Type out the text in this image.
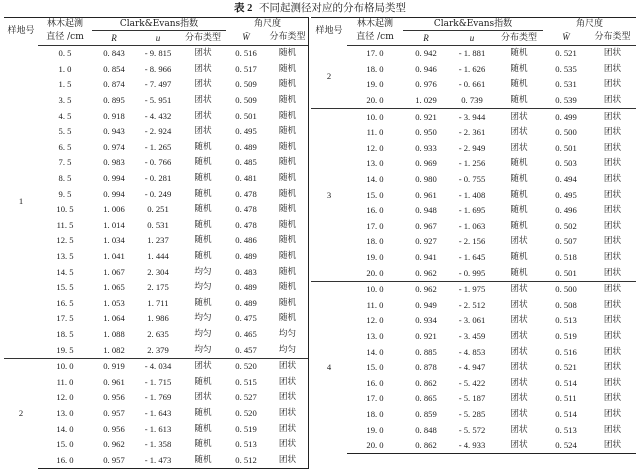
表 2 不同起测径对应的分布格局类型
样地号	林木起测	Clark&Evans指数			角尺度	
	直径 /cm	R	u	分布类型	W̄	分布类型
1	0. 5	0. 843	- 9. 815	团状	0. 516	随机
	1. 0	0. 854	- 8. 966	团状	0. 517	随机
	1. 5	0. 874	- 7. 497	团状	0. 509	随机
	3. 5	0. 895	- 5. 951	团状	0. 509	随机
	4. 5	0. 918	- 4. 432	团状	0. 501	随机
	5. 5	0. 943	- 2. 924	团状	0. 495	随机
	6. 5	0. 974	- 1. 265	随机	0. 489	随机
	7. 5	0. 983	- 0. 766	随机	0. 485	随机
	8. 5	0. 994	- 0. 281	随机	0. 481	随机
	9. 5	0. 994	- 0. 249	随机	0. 478	随机
	10. 5	1. 006	0. 251	随机	0. 478	随机
	11. 5	1. 014	0. 531	随机	0. 478	随机
	12. 5	1. 034	1. 237	随机	0. 486	随机
	13. 5	1. 041	1. 444	随机	0. 489	随机
	14. 5	1. 067	2. 304	均匀	0. 483	随机
	15. 5	1. 065	2. 175	均匀	0. 489	随机
	16. 5	1. 053	1. 711	随机	0. 489	随机
	17. 5	1. 064	1. 986	均匀	0. 475	随机
	18. 5	1. 088	2. 635	均匀	0. 465	均匀
	19. 5	1. 082	2. 379	均匀	0. 457	均匀
2	10. 0	0. 919	- 4. 034	团状	0. 520	团状
	11. 0	0. 961	- 1. 715	随机	0. 515	团状
	12. 0	0. 956	- 1. 769	团状	0. 527	团状
	13. 0	0. 957	- 1. 643	随机	0. 520	团状
	14. 0	0. 956	- 1. 613	随机	0. 519	团状
	15. 0	0. 962	- 1. 358	随机	0. 513	团状
	16. 0	0. 957	- 1. 473	随机	0. 512	团状
样地号	林木起测	Clark&Evans指数			角尺度	
	直径 /cm	R	u	分布类型	W̄	分布类型
2	17. 0	0. 942	- 1. 881	随机	0. 521	团状
	18. 0	0. 946	- 1. 626	随机	0. 535	团状
	19. 0	0. 976	- 0. 661	随机	0. 531	团状
	20. 0	1. 029	0. 739	随机	0. 539	团状
3	10. 0	0. 921	- 3. 944	团状	0. 499	团状
	11. 0	0. 950	- 2. 361	团状	0. 500	团状
	12. 0	0. 933	- 2. 949	团状	0. 501	团状
	13. 0	0. 969	- 1. 256	随机	0. 503	团状
	14. 0	0. 980	- 0. 755	随机	0. 494	团状
	15. 0	0. 961	- 1. 408	随机	0. 495	团状
	16. 0	0. 948	- 1. 695	随机	0. 496	团状
	17. 0	0. 967	- 1. 063	随机	0. 502	团状
	18. 0	0. 927	- 2. 156	团状	0. 507	团状
	19. 0	0. 941	- 1. 645	随机	0. 518	团状
	20. 0	0. 962	- 0. 995	随机	0. 501	团状
4	10. 0	0. 962	- 1. 975	团状	0. 500	团状
	11. 0	0. 949	- 2. 512	团状	0. 508	团状
	12. 0	0. 934	- 3. 061	团状	0. 513	团状
	13. 0	0. 921	- 3. 459	团状	0. 519	团状
	14. 0	0. 885	- 4. 853	团状	0. 516	团状
	15. 0	0. 878	- 4. 947	团状	0. 521	团状
	16. 0	0. 862	- 5. 422	团状	0. 514	团状
	17. 0	0. 865	- 5. 187	团状	0. 511	团状
	18. 0	0. 859	- 5. 285	团状	0. 514	团状
	19. 0	0. 848	- 5. 572	团状	0. 513	团状
	20. 0	0. 862	- 4. 933	团状	0. 524	团状
